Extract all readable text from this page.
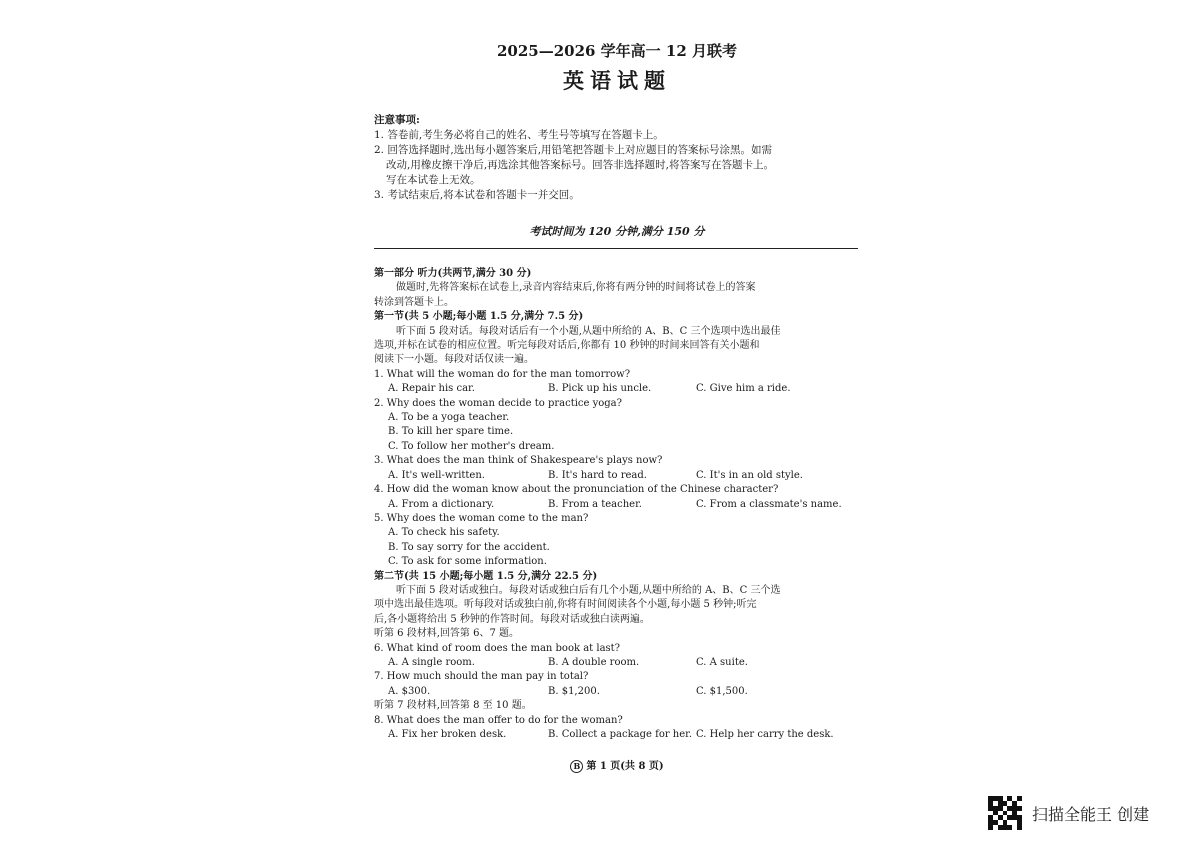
2025—2026 学年高一 12 月联考
英语试题
注意事项:
1. 答卷前,考生务必将自己的姓名、考生号等填写在答题卡上。
2. 回答选择题时,选出每小题答案后,用铅笔把答题卡上对应题目的答案标号涂黑。如需
改动,用橡皮擦干净后,再选涂其他答案标号。回答非选择题时,将答案写在答题卡上。
写在本试卷上无效。
3. 考试结束后,将本试卷和答题卡一并交回。
考试时间为 120 分钟,满分 150 分
第一部分 听力(共两节,满分 30 分)
做题时,先将答案标在试卷上,录音内容结束后,你将有两分钟的时间将试卷上的答案
转涂到答题卡上。
第一节(共 5 小题;每小题 1.5 分,满分 7.5 分)
听下面 5 段对话。每段对话后有一个小题,从题中所给的 A、B、C 三个选项中选出最佳
选项,并标在试卷的相应位置。听完每段对话后,你都有 10 秒钟的时间来回答有关小题和
阅读下一小题。每段对话仅读一遍。
1. What will the woman do for the man tomorrow?
A. Repair his car.	B. Pick up his uncle.	C. Give him a ride.
2. Why does the woman decide to practice yoga?
A. To be a yoga teacher.
B. To kill her spare time.
C. To follow her mother's dream.
3. What does the man think of Shakespeare's plays now?
A. It's well-written.	B. It's hard to read.	C. It's in an old style.
4. How did the woman know about the pronunciation of the Chinese character?
A. From a dictionary.	B. From a teacher.	C. From a classmate's name.
5. Why does the woman come to the man?
A. To check his safety.
B. To say sorry for the accident.
C. To ask for some information.
第二节(共 15 小题;每小题 1.5 分,满分 22.5 分)
听下面 5 段对话或独白。每段对话或独白后有几个小题,从题中所给的 A、B、C 三个选
项中选出最佳选项。听每段对话或独白前,你将有时间阅读各个小题,每小题 5 秒钟;听完
后,各小题将给出 5 秒钟的作答时间。每段对话或独白读两遍。
听第 6 段材料,回答第 6、7 题。
6. What kind of room does the man book at last?
A. A single room.	B. A double room.	C. A suite.
7. How much should the man pay in total?
A. $300.	B. $1,200.	C. $1,500.
听第 7 段材料,回答第 8 至 10 题。
8. What does the man offer to do for the woman?
A. Fix her broken desk.	B. Collect a package for her. C. Help her carry the desk.
B 第 1 页(共 8 页)
扫描全能王 创建
